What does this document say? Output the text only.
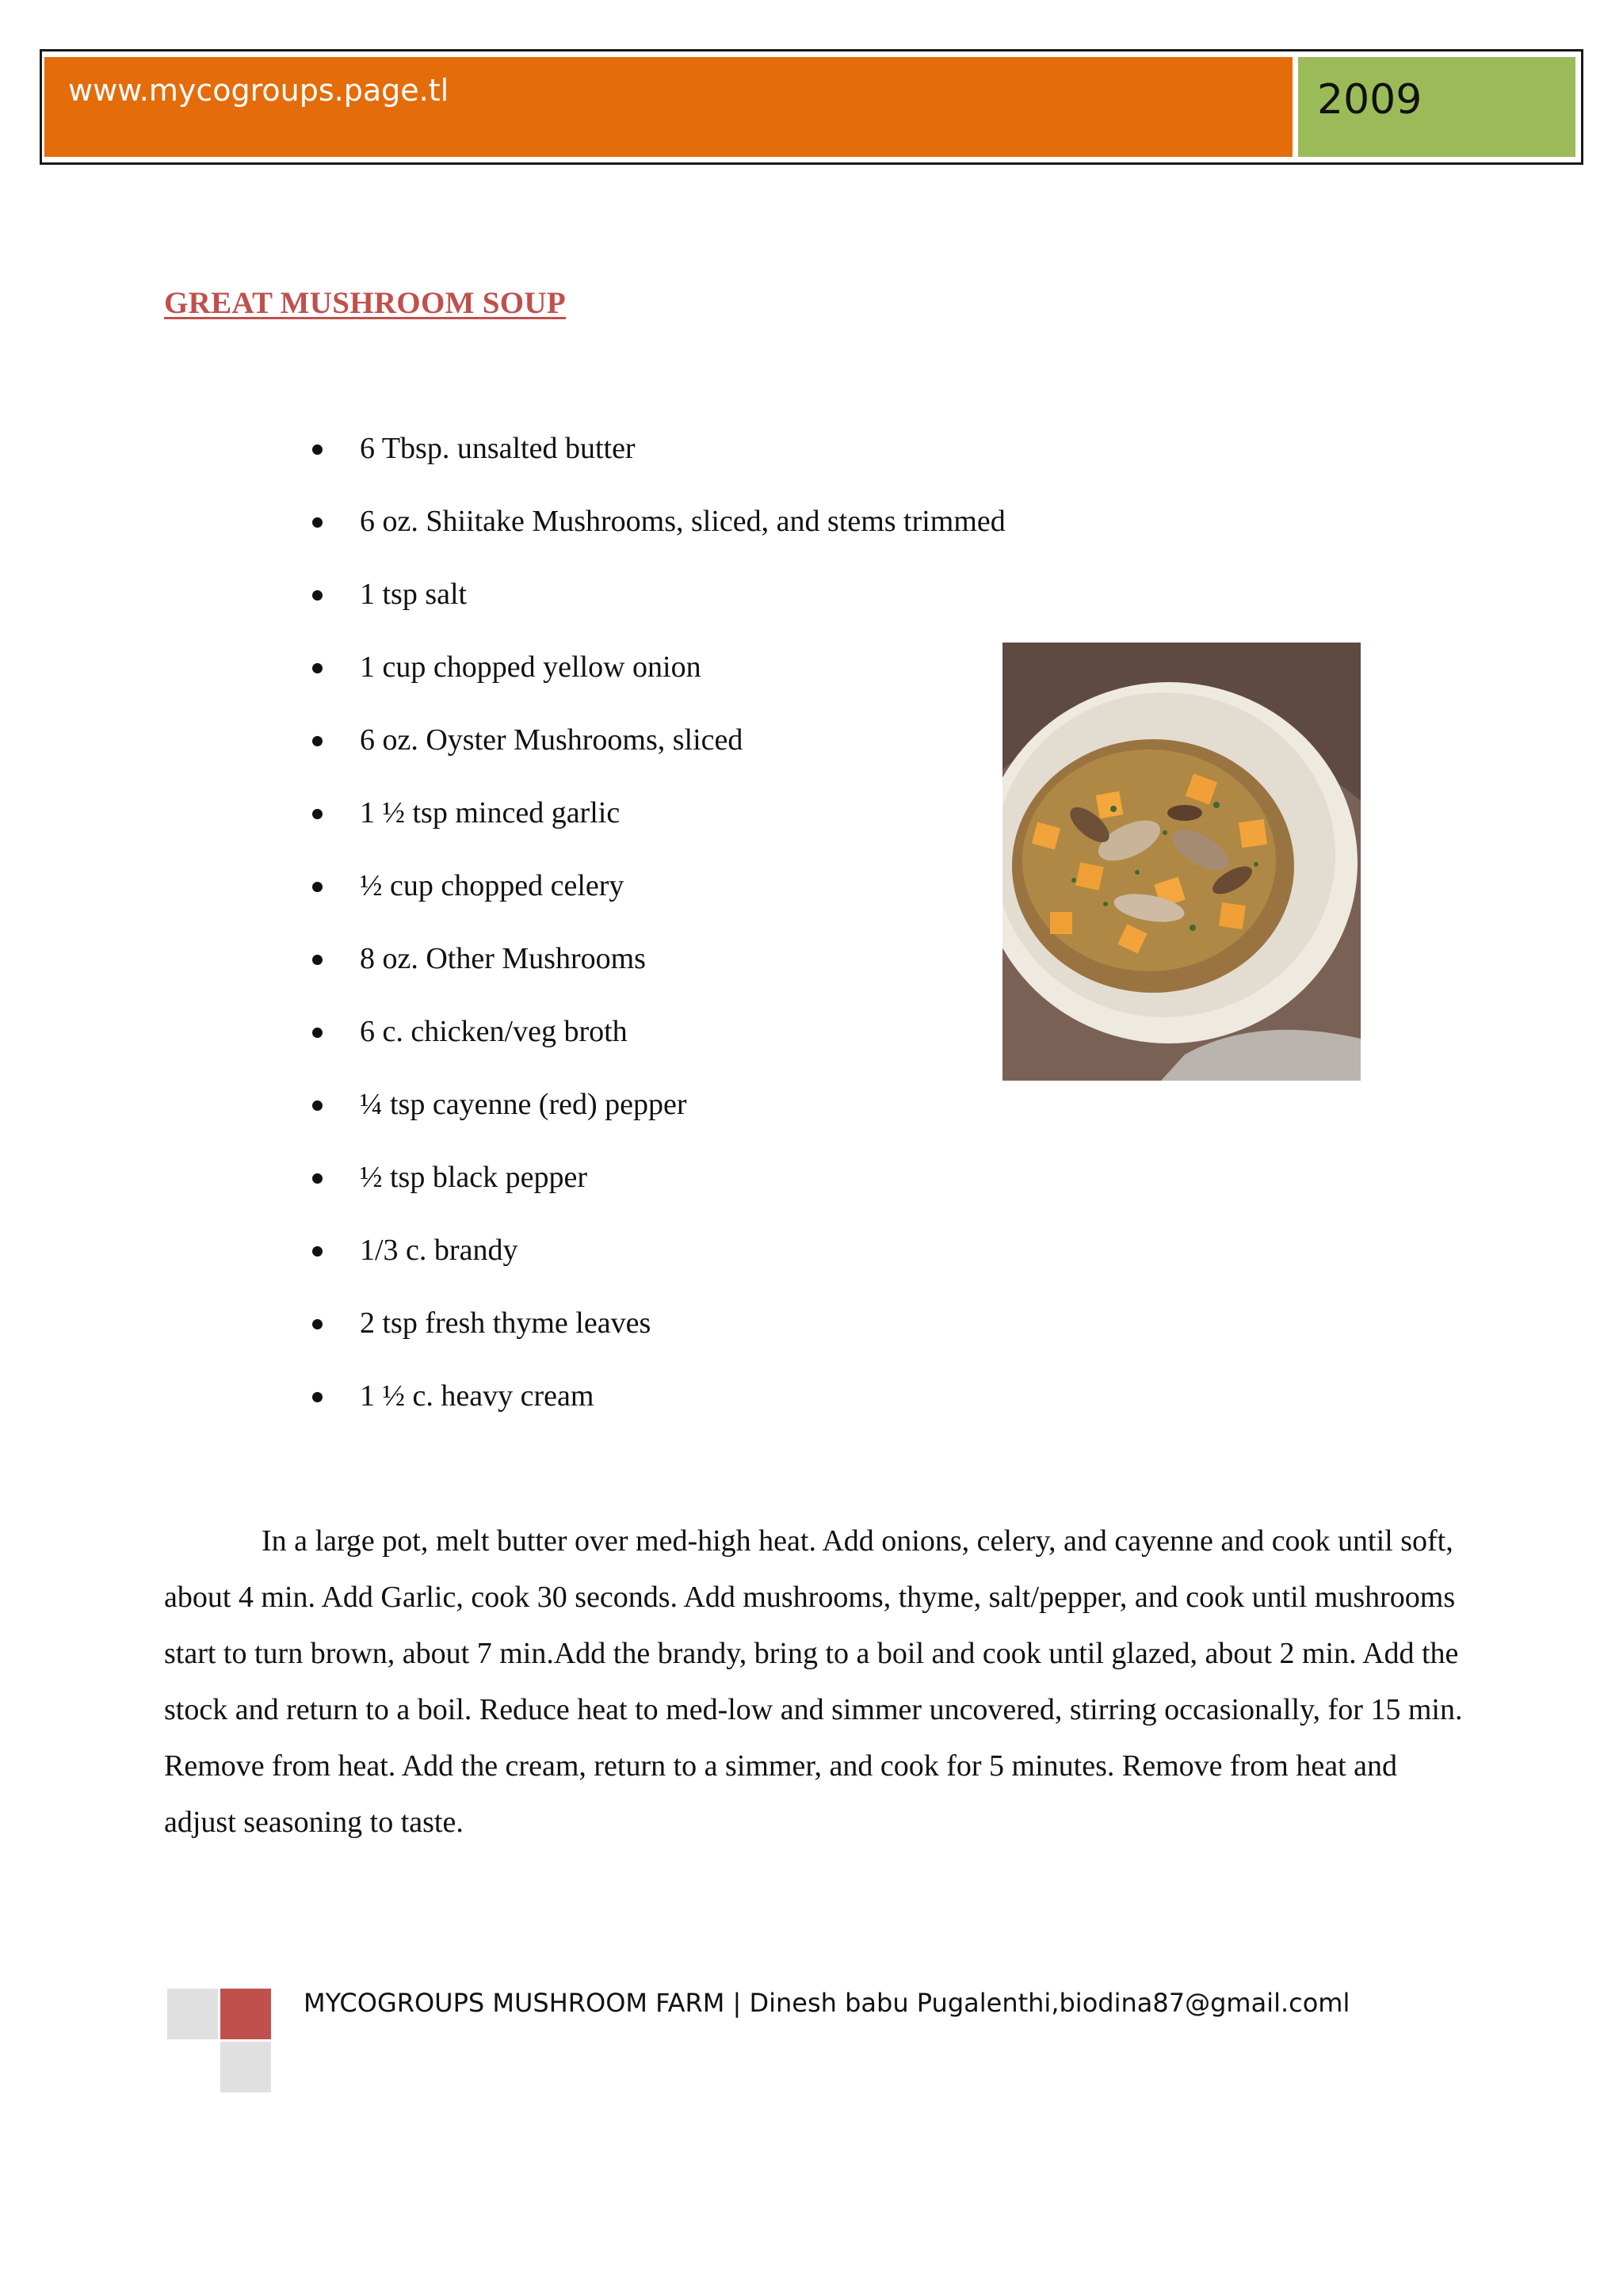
www.mycogroups.page.tl	2009
GREAT MUSHROOM SOUP
6 Tbsp. unsalted butter
6 oz. Shiitake Mushrooms, sliced, and stems trimmed
1 tsp salt
1 cup chopped yellow onion
6 oz. Oyster Mushrooms, sliced
1 ½ tsp minced garlic
½ cup chopped celery
8 oz. Other Mushrooms
6 c. chicken/veg broth
¼ tsp cayenne (red) pepper
½ tsp black pepper
1/3 c. brandy
2 tsp fresh thyme leaves
1 ½ c. heavy cream

In a large pot, melt butter over med-high heat. Add onions, celery, and cayenne and cook until soft, about 4 min. Add Garlic, cook 30 seconds. Add mushrooms, thyme, salt/pepper, and cook until mushrooms start to turn brown, about 7 min.Add the brandy, bring to a boil and cook until glazed, about 2 min. Add the stock and return to a boil. Reduce heat to med-low and simmer uncovered, stirring occasionally, for 15 min. Remove from heat. Add the cream, return to a simmer, and cook for 5 minutes. Remove from heat and adjust seasoning to taste.

MYCOGROUPS MUSHROOM FARM | Dinesh babu Pugalenthi,biodina87@gmail.coml
